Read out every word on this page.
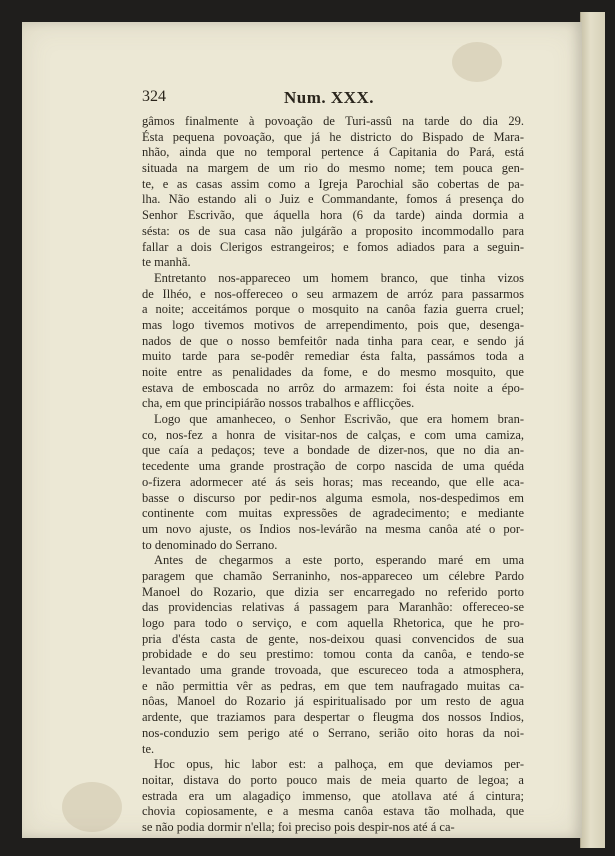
324	Num. XXX.
gâmos finalmente à povoação de Turi-assû na tarde do dia 29.
Ésta pequena povoação, que já he districto do Bispado de Mara-
nhão, ainda que no temporal pertence á Capitania do Pará, está
situada na margem de um rio do mesmo nome; tem pouca gen-
te, e as casas assim como a Igreja Parochial são cobertas de pa-
lha. Não estando ali o Juiz e Commandante, fomos á presença do
Senhor Escrivão, que áquella hora (6 da tarde) ainda dormia a
sésta: os de sua casa não julgárão a proposito incommodallo para
fallar a dois Clerigos estrangeiros; e fomos adiados para a seguin-
te manhã.
Entretanto nos-appareceo um homem branco, que tinha vizos
de Ilhéo, e nos-offereceo o seu armazem de arróz para passarmos
a noite; acceitámos porque o mosquito na canôa fazia guerra cruel;
mas logo tivemos motivos de arrependimento, pois que, desenga-
nados de que o nosso bemfeitôr nada tinha para cear, e sendo já
muito tarde para se-podêr remediar ésta falta, passámos toda a
noite entre as penalidades da fome, e do mesmo mosquito, que
estava de emboscada no arrôz do armazem: foi ésta noite a épo-
cha, em que principiárão nossos trabalhos e afflicções.
Logo que amanheceo, o Senhor Escrivão, que era homem bran-
co, nos-fez a honra de visitar-nos de calças, e com uma camiza,
que caía a pedaços; teve a bondade de dizer-nos, que no dia an-
tecedente uma grande prostração de corpo nascida de uma quéda
o-fizera adormecer até ás seis horas; mas receando, que elle aca-
basse o discurso por pedir-nos alguma esmola, nos-despedimos em
continente com muitas expressões de agradecimento; e mediante
um novo ajuste, os Indios nos-levárão na mesma canôa até o por-
to denominado do Serrano.
Antes de chegarmos a este porto, esperando maré em uma
paragem que chamão Serraninho, nos-appareceo um célebre Pardo
Manoel do Rozario, que dizia ser encarregado no referido porto
das providencias relativas á passagem para Maranhão: offereceo-se
logo para todo o serviço, e com aquella Rhetorica, que he pro-
pria d'ésta casta de gente, nos-deixou quasi convencidos de sua
probidade e do seu prestimo: tomou conta da canôa, e tendo-se
levantado uma grande trovoada, que escureceo toda a atmosphera,
e não permittia vêr as pedras, em que tem naufragado muitas ca-
nôas, Manoel do Rozario já espiritualisado por um resto de agua
ardente, que traziamos para despertar o fleugma dos nossos Indios,
nos-conduzio sem perigo até o Serrano, serião oito horas da noi-
te.
Hoc opus, hic labor est: a palhoça, em que deviamos per-
noitar, distava do porto pouco mais de meia quarto de legoa; a
estrada era um alagadiço immenso, que atollava até á cintura;
chovia copiosamente, e a mesma canôa estava tão molhada, que
se não podia dormir n'ella; foi preciso pois despir-nos até á ca-
